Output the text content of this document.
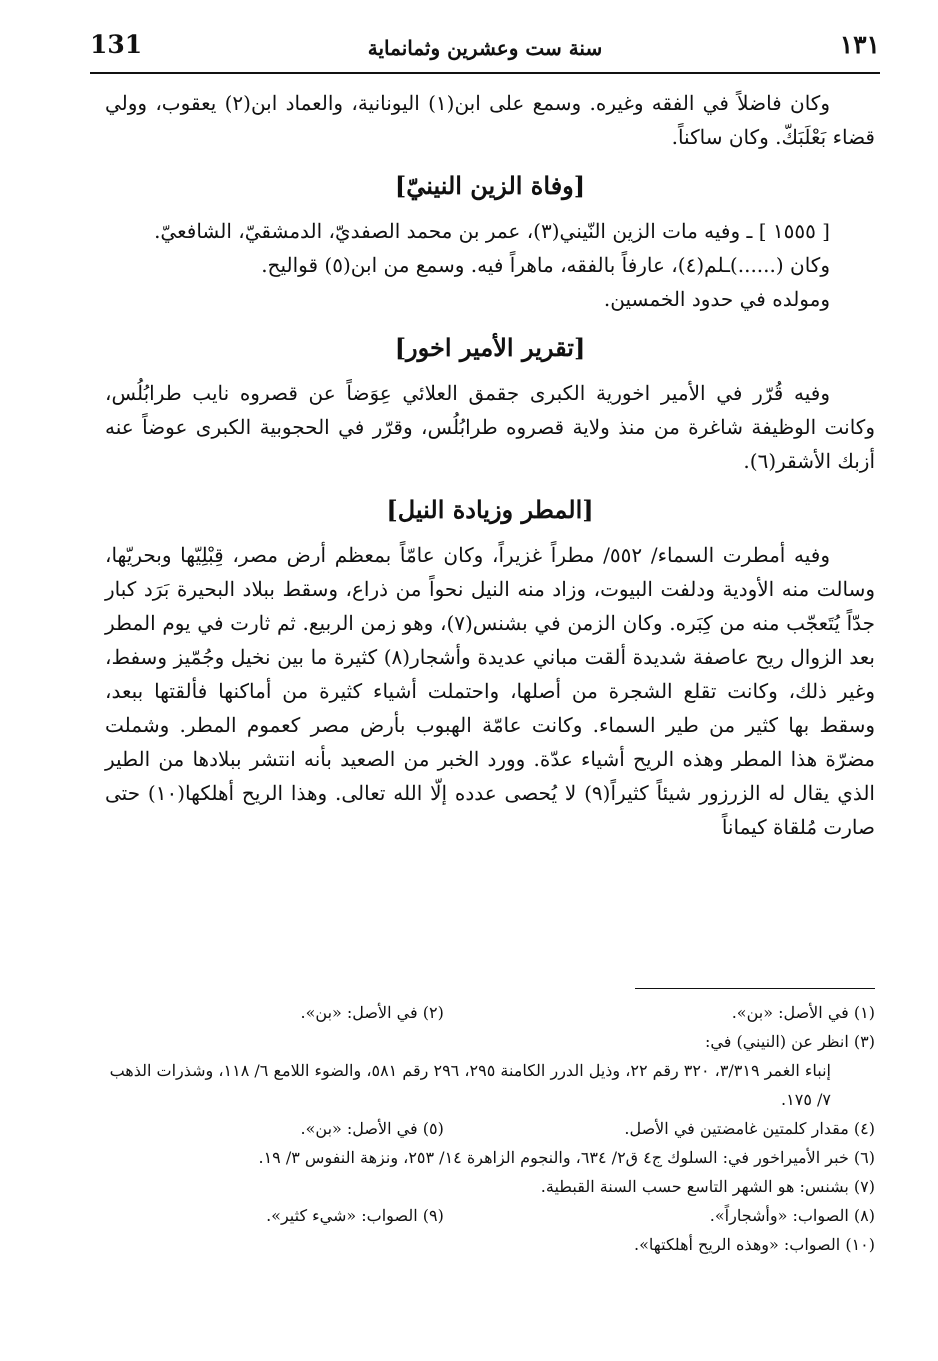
131	سنة ست وعشرين وثمانماية	١٣١

وكان فاضلاً في الفقه وغيره. وسمع على ابن(١) اليونانية، والعماد ابن(٢) يعقوب، وولي قضاء بَعْلَبَكّ. وكان ساكناً.

[وفاة الزين النينيّ]

[ ١٥٥٥ ] ـ وفيه مات الزين النّيني(٣)، عمر بن محمد الصفديّ، الدمشقيّ، الشافعيّ.

وكان (......)ـلم(٤)، عارفاً بالفقه، ماهراً فيه. وسمع من ابن(٥) قواليح.

ومولده في حدود الخمسين.

[تقرير الأمير اخور]

وفيه قُرّر في الأمير اخورية الكبرى جقمق العلائي عِوَضاً عن قصروه نايب طرابُلُس، وكانت الوظيفة شاغرة من منذ ولاية قصروه طرابُلُس، وقرّر في الحجوبية الكبرى عوضاً عنه أزبك الأشقر(٦).

[المطر وزيادة النيل]

وفيه أمطرت السماء/ ٥٥٢/ مطراً غزيراً، وكان عامّاً بمعظم أرض مصر، قِبْلِيّها وبحريّها، وسالت منه الأودية ودلفت البيوت، وزاد منه النيل نحواً من ذراع، وسقط ببلاد البحيرة بَرَد كبار جدّاً يُتَعجّب منه من كِبَره. وكان الزمن في بشنس(٧)، وهو زمن الربيع. ثم ثارت في يوم المطر بعد الزوال ريح عاصفة شديدة ألقت مباني عديدة وأشجار(٨) كثيرة ما بين نخيل وجُمّيز وسفط، وغير ذلك، وكانت تقلع الشجرة من أصلها، واحتملت أشياء كثيرة من أماكنها فألقتها ببعد، وسقط بها كثير من طير السماء. وكانت عامّة الهبوب بأرض مصر كعموم المطر. وشملت مضرّة هذا المطر وهذه الريح أشياء عدّة. وورد الخبر من الصعيد بأنه انتشر ببلادها من الطير الذي يقال له الزرزور شيئاً كثيراً(٩) لا يُحصى عدده إلّا الله تعالى. وهذا الريح أهلكها(١٠) حتى صارت مُلقاة كيماناً

(١) في الأصل: «بن».
(٢) في الأصل: «بن».

(٣) انظر عن (النيني) في:

إنباء الغمر ٣/٣١٩، ٣٢٠ رقم ٢٢، وذيل الدرر الكامنة ٢٩٥، ٢٩٦ رقم ٥٨١، والضوء اللامع ٦/ ١١٨، وشذرات الذهب ٧/ ١٧٥.

(٤) مقدار كلمتين غامضتين في الأصل.
(٥) في الأصل: «بن».

(٦) خبر الأميراخور في: السلوك ج٤ ق٢/ ٦٣٤، والنجوم الزاهرة ١٤/ ٢٥٣، ونزهة النفوس ٣/ ١٩.

(٧) بشنس: هو الشهر التاسع حسب السنة القبطية.

(٨) الصواب: «وأشجاراً».
(٩) الصواب: «شيء كثير».

(١٠) الصواب: «وهذه الريح أهلكتها».
